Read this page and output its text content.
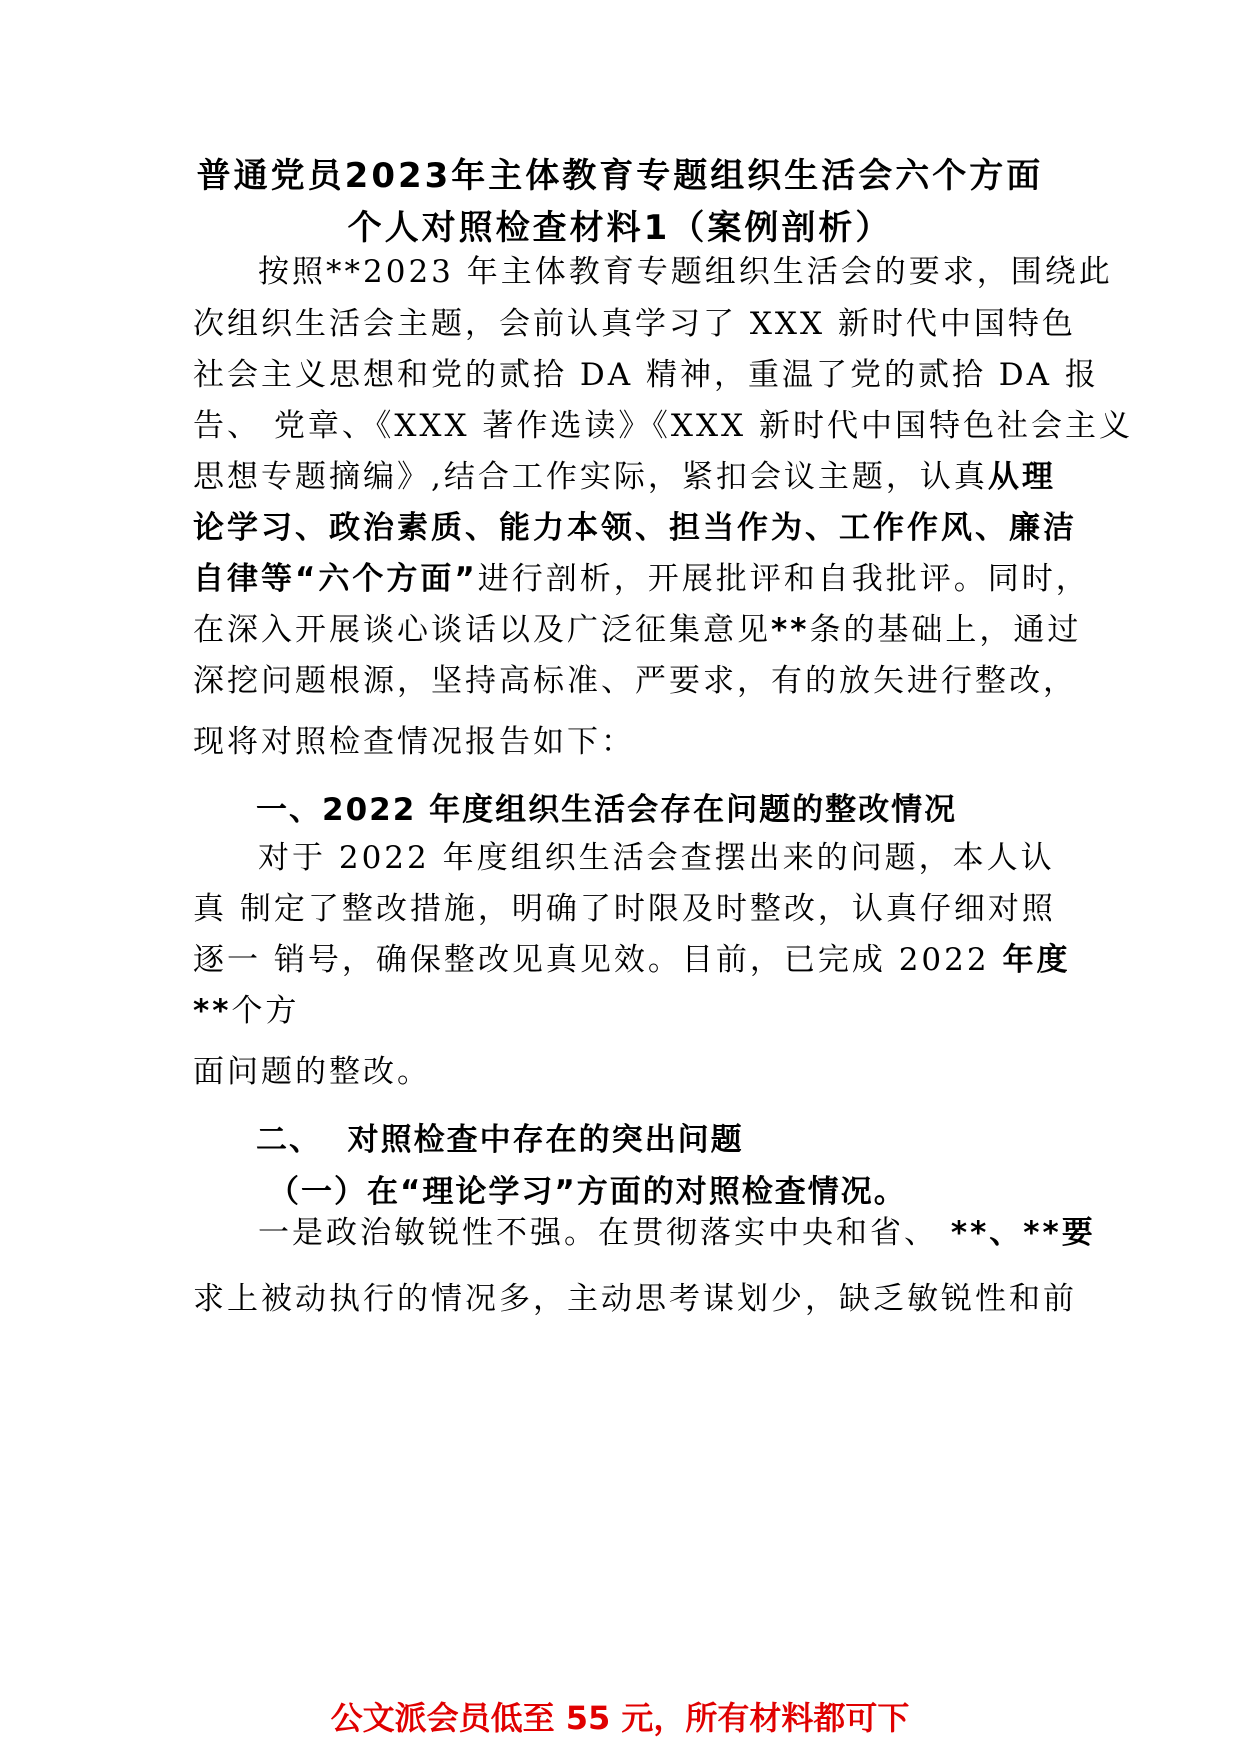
普通党员2023年主体教育专题组织生活会六个方面
个人对照检查材料1（案例剖析）
按照**2023 年主体教育专题组织生活会的要求，围绕此
次组织生活会主题，会前认真学习了 XXX 新时代中国特色
社会主义思想和党的贰拾 DA 精神，重温了党的贰拾 DA 报
告、 党章、《XXX 著作选读》《XXX 新时代中国特色社会主义
思想专题摘编》,结合工作实际，紧扣会议主题，认真从理
论学习、政治素质、能力本领、担当作为、工作作风、廉洁
自律等“六个方面”进行剖析，开展批评和自我批评。同时，
在深入开展谈心谈话以及广泛征集意见**条的基础上，通过
深挖问题根源，坚持高标准、严要求，有的放矢进行整改，
现将对照检查情况报告如下：
一、2022 年度组织生活会存在问题的整改情况
对于 2022 年度组织生活会查摆出来的问题，本人认
真 制定了整改措施，明确了时限及时整改，认真仔细对照
逐一 销号，确保整改见真见效。目前，已完成 2022 年度
**个方
面问题的整改。
二、  对照检查中存在的突出问题
（一）在“理论学习”方面的对照检查情况。
一是政治敏锐性不强。在贯彻落实中央和省、 **、**要
求上被动执行的情况多，主动思考谋划少，缺乏敏锐性和前
公文派会员低至 55 元，所有材料都可下
